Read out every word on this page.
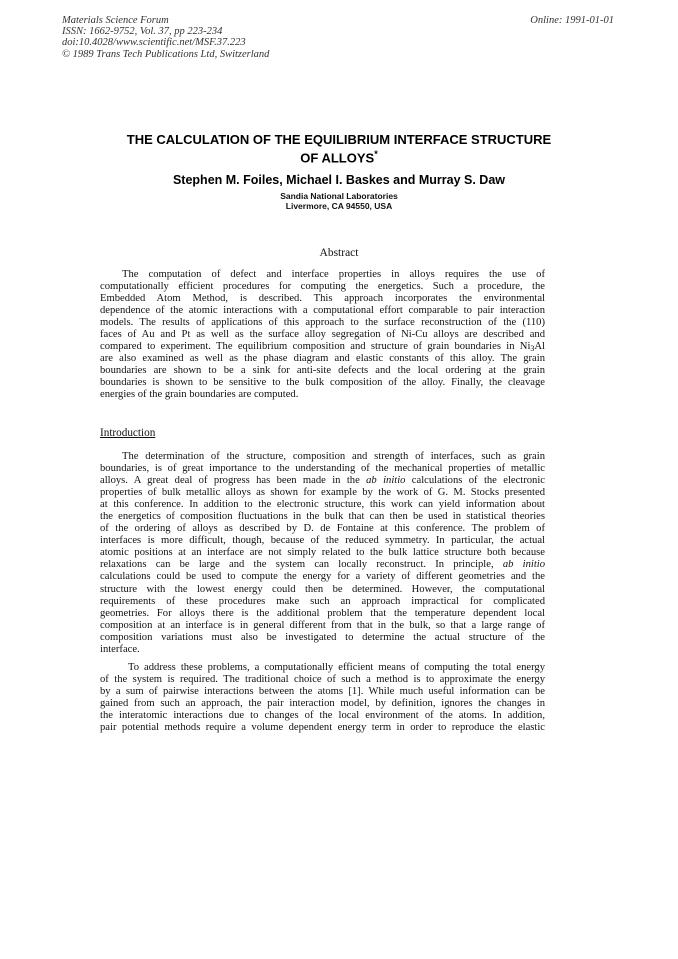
Materials Science Forum
ISSN: 1662-9752, Vol. 37, pp 223-234
doi:10.4028/www.scientific.net/MSF.37.223
© 1989 Trans Tech Publications Ltd, Switzerland
Online: 1991-01-01
THE CALCULATION OF THE EQUILIBRIUM INTERFACE STRUCTURE
OF ALLOYS*
Stephen M. Foiles, Michael I. Baskes and Murray S. Daw
Sandia National Laboratories
Livermore, CA 94550, USA
Abstract
The computation of defect and interface properties in alloys requires the use of
computationally efficient procedures for computing the energetics. Such a procedure, the
Embedded Atom Method, is described. This approach incorporates the environmental
dependence of the atomic interactions with a computational effort comparable to pair interaction
models. The results of applications of this approach to the surface reconstruction of the (110)
faces of Au and Pt as well as the surface alloy segregation of Ni-Cu alloys are described and
compared to experiment. The equilibrium composition and structure of grain boundaries in $Ni_3Al$
are also examined as well as the phase diagram and elastic constants of this alloy. The grain
boundaries are shown to be a sink for anti-site defects and the local ordering at the grain
boundaries is shown to be sensitive to the bulk composition of the alloy. Finally, the cleavage
energies of the grain boundaries are computed.
Introduction
The determination of the structure, composition and strength of interfaces, such as grain
boundaries, is of great importance to the understanding of the mechanical properties of metallic
alloys. A great deal of progress has been made in the ab initio calculations of the electronic
properties of bulk metallic alloys as shown for example by the work of G. M. Stocks presented
at this conference. In addition to the electronic structure, this work can yield information about
the energetics of composition fluctuations in the bulk that can then be used in statistical theories
of the ordering of alloys as described by D. de Fontaine at this conference. The problem of
interfaces is more difficult, though, because of the reduced symmetry. In particular, the actual
atomic positions at an interface are not simply related to the bulk lattice structure both because
relaxations can be large and the system can locally reconstruct. In principle, ab initio
calculations could be used to compute the energy for a variety of different geometries and the
structure with the lowest energy could then be determined. However, the computational
requirements of these procedures make such an approach impractical for complicated
geometries. For alloys there is the additional problem that the temperature dependent local
composition at an interface is in general different from that in the bulk, so that a large range of
composition variations must also be investigated to determine the actual structure of the
interface.
To address these problems, a computationally efficient means of computing the total energy
of the system is required. The traditional choice of such a method is to approximate the energy
by a sum of pairwise interactions between the atoms [1]. While much useful information can be
gained from such an approach, the pair interaction model, by definition, ignores the changes in
the interatomic interactions due to changes of the local environment of the atoms. In addition,
pair potential methods require a volume dependent energy term in order to reproduce the elastic
